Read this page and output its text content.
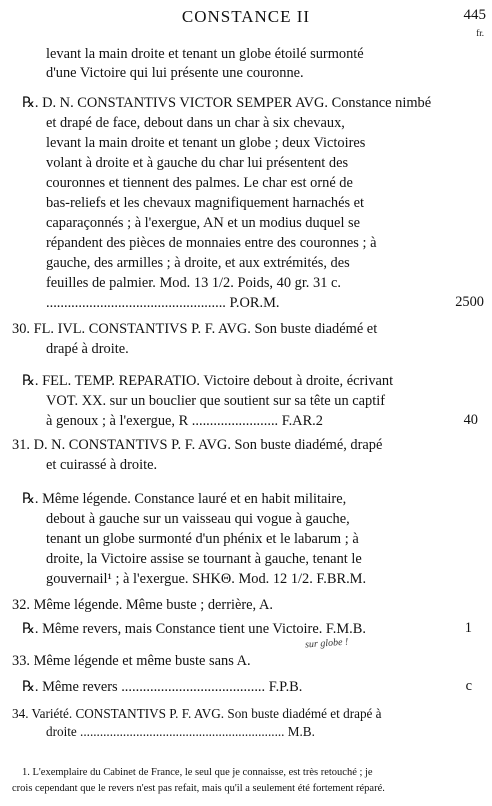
CONSTANCE II	445
fr.
levant la main droite et tenant un globe étoilé surmonté
d'une Victoire qui lui présente une couronne.
℞. D. N. CONSTANTIVS VICTOR SEMPER AVG. Constance nimbé
et drapé de face, debout dans un char à six chevaux,
levant la main droite et tenant un globe ; deux Victoires
volant à droite et à gauche du char lui présentent des
couronnes et tiennent des palmes. Le char est orné de
bas-reliefs et les chevaux magnifiquement harnachés et
caparaçonnés ; à l'exergue, AN et un modius duquel se
répandent des pièces de monnaies entre des couronnes ; à
gauche, des armilles ; à droite, et aux extrémités, des
feuilles de palmier. Mod. 13 1/2. Poids, 40 gr. 31 c.
.................................................. P.OR.M.	2500
30. FL. IVL. CONSTANTIVS P. F. AVG. Son buste diadémé et
drapé à droite.
℞. FEL. TEMP. REPARATIO. Victoire debout à droite, écrivant
VOT. XX. sur un bouclier que soutient sur sa tête un captif
à genoux ; à l'exergue, R ........................ F.AR.2	40
31. D. N. CONSTANTIVS P. F. AVG. Son buste diadémé, drapé
et cuirassé à droite.
℞. Même légende. Constance lauré et en habit militaire,
debout à gauche sur un vaisseau qui vogue à gauche,
tenant un globe surmonté d'un phénix et le labarum ; à
droite, la Victoire assise se tournant à gauche, tenant le
gouvernail¹ ; à l'exergue. SHKΘ. Mod. 12 1/2. F.BR.M.
32. Même légende. Même buste ; derrière, A.
℞. Même revers, mais Constance tient une Victoire. F.M.B.	1
sur globe !
33. Même légende et même buste sans A.
℞. Même revers ........................................ F.P.B.	c
34. Variété. CONSTANTIVS P. F. AVG. Son buste diadémé et drapé à
droite .............................................................. M.B.
1. L'exemplaire du Cabinet de France, le seul que je connaisse, est très retouché ; je
crois cependant que le revers n'est pas refait, mais qu'il a seulement été fortement réparé.
